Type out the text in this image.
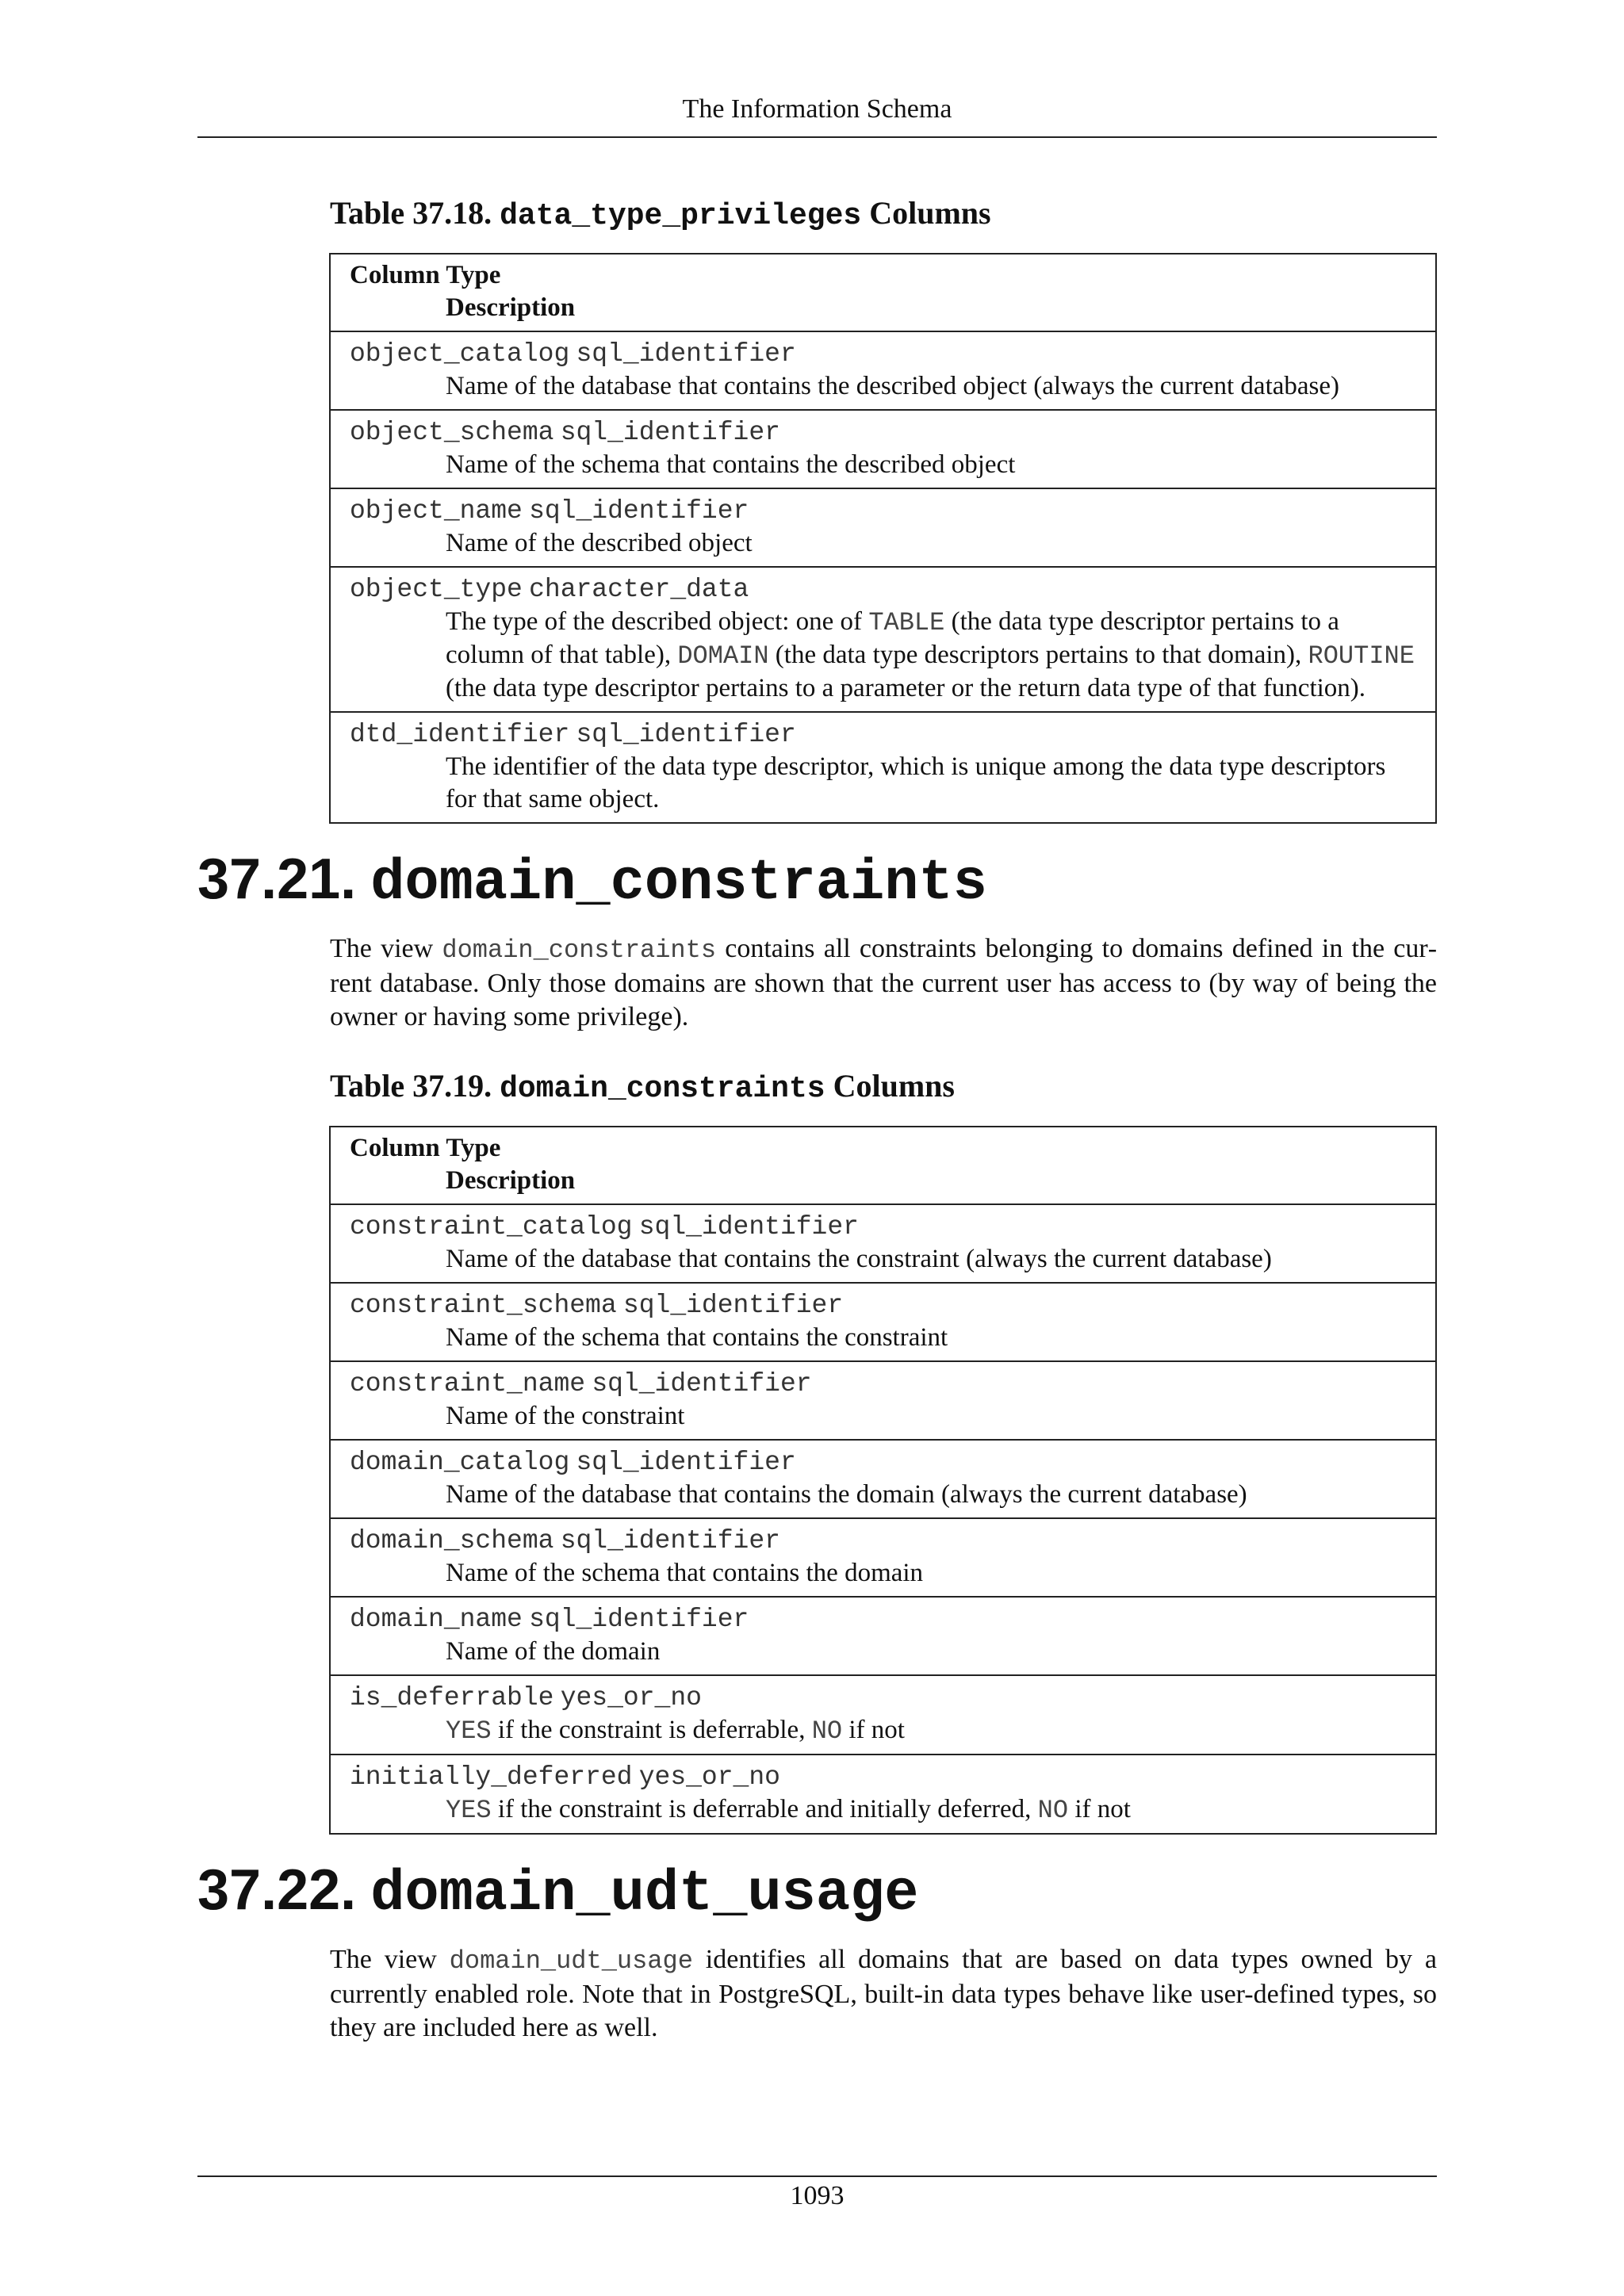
The Information Schema
Table 37.18. data_type_privileges Columns
Column Type
Description

object_catalog sql_identifier
Name of the database that contains the described object (always the current database)

object_schema sql_identifier
Name of the schema that contains the described object

object_name sql_identifier
Name of the described object

object_type character_data
The type of the described object: one of TABLE (the data type descriptor pertains to a column of that table), DOMAIN (the data type descriptors pertains to that domain), ROUTINE (the data type descriptor pertains to a parameter or the return data type of that function).

dtd_identifier sql_identifier
The identifier of the data type descriptor, which is unique among the data type descriptors for that same object.
37.21. domain_constraints
The view domain_constraints contains all constraints belonging to domains defined in the current database. Only those domains are shown that the current user has access to (by way of being the owner or having some privilege).
Table 37.19. domain_constraints Columns
Column Type
Description

constraint_catalog sql_identifier
Name of the database that contains the constraint (always the current database)

constraint_schema sql_identifier
Name of the schema that contains the constraint

constraint_name sql_identifier
Name of the constraint

domain_catalog sql_identifier
Name of the database that contains the domain (always the current database)

domain_schema sql_identifier
Name of the schema that contains the domain

domain_name sql_identifier
Name of the domain

is_deferrable yes_or_no
YES if the constraint is deferrable, NO if not

initially_deferred yes_or_no
YES if the constraint is deferrable and initially deferred, NO if not
37.22. domain_udt_usage
The view domain_udt_usage identifies all domains that are based on data types owned by a currently enabled role. Note that in PostgreSQL, built-in data types behave like user-defined types, so they are included here as well.
1093
